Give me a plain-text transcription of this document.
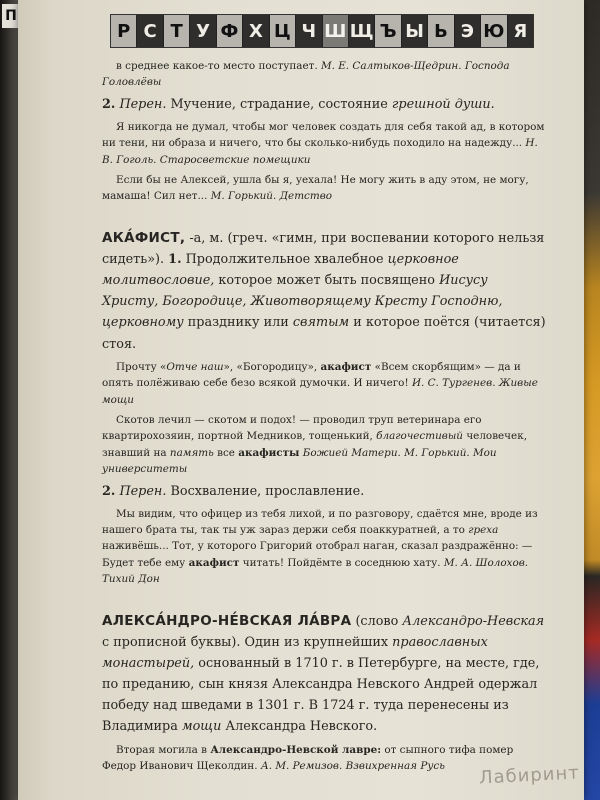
П
Р С Т У Ф Х Ц Ч Ш Щ Ъ Ы Ь Э Ю Я

в среднее какое-то место поступает. М. Е. Салтыков-Щедрин. Господа Головлёвы

2. Перен. Мучение, страдание, состояние грешной души.

Я никогда не думал, чтобы мог человек создать для себя такой ад, в котором ни тени, ни образа и ничего, что бы сколько-нибудь походило на надежду... Н. В. Гоголь. Старосветские помещики

Если бы не Алексей, ушла бы я, уехала! Не могу жить в аду этом, не могу, мамаша! Сил нет... М. Горький. Детство

АКА́ФИСТ, -а, м. (греч. «гимн, при воспевании которого нельзя сидеть»). 1. Продолжительное хвалебное церковное молитвословие, которое может быть посвящено Иисусу Христу, Богородице, Животворящему Кресту Господню, церковному празднику или святым и которое поётся (читается) стоя.

Прочту «Отче наш», «Богородицу», акафист «Всем скорбящим» — да и опять полёживаю себе безо всякой думочки. И ничего! И. С. Тургенев. Живые мощи

Скотов лечил — скотом и подох! — проводил труп ветеринара его квартирохозяин, портной Медников, тощенький, благочестивый человечек, знавший на память все акафисты Божией Матери. М. Горький. Мои университеты

2. Перен. Восхваление, прославление.

Мы видим, что офицер из тебя лихой, и по разговору, сдаётся мне, вроде из нашего брата ты, так ты уж зараз держи себя поаккуратней, а то греха наживёшь... Тот, у которого Григорий отобрал наган, сказал раздражённо: — Будет тебе ему акафист читать! Пойдёмте в соседнюю хату. М. А. Шолохов. Тихий Дон

АЛЕКСА́НДРО-НЕ́ВСКАЯ ЛА́ВРА (слово Александро-Невская с прописной буквы). Один из крупнейших православных монастырей, основанный в 1710 г. в Петербурге, на месте, где, по преданию, сын князя Александра Невского Андрей одержал победу над шведами в 1301 г. В 1724 г. туда перенесены из Владимира мощи Александра Невского.

Вторая могила в Александро-Невской лавре: от сыпного тифа помер Федор Иванович Щеколдин. А. М. Ремизов. Взвихренная Русь	Лабиринт
